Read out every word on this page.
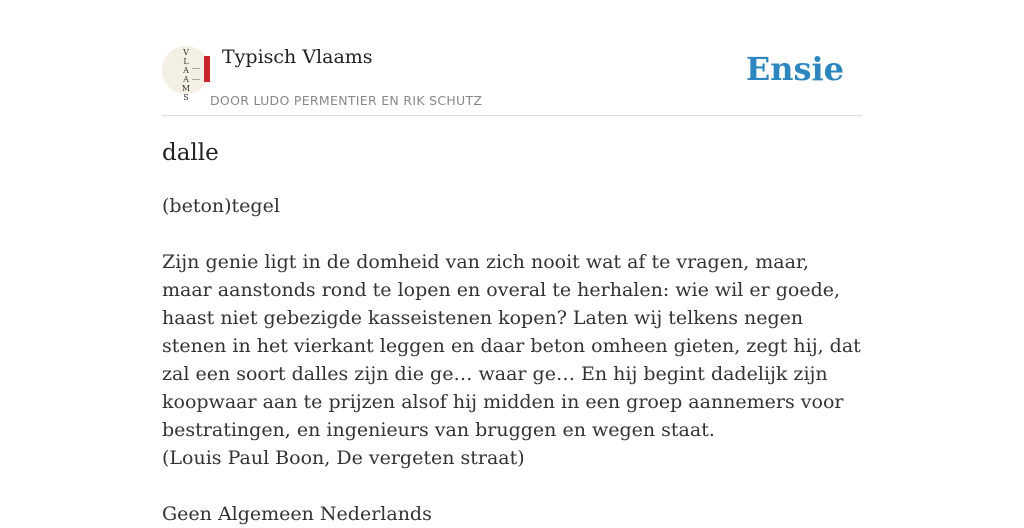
V
L
A
A
M
S
Typisch Vlaams
DOOR LUDO PERMENTIER EN RIK SCHUTZ
Ensie
dalle

(beton)tegel

Zijn genie ligt in de domheid van zich nooit wat af te vragen, maar, maar aanstonds rond te lopen en overal te herhalen: wie wil er goede, haast niet gebezigde kasseistenen kopen? Laten wij telkens negen stenen in het vierkant leggen en daar beton omheen gieten, zegt hij, dat zal een soort dalles zijn die ge… waar ge… En hij begint dadelijk zijn koopwaar aan te prijzen alsof hij midden in een groep aannemers voor bestratingen, en ingenieurs van bruggen en wegen staat.

(Louis Paul Boon, De vergeten straat)

Geen Algemeen Nederlands
